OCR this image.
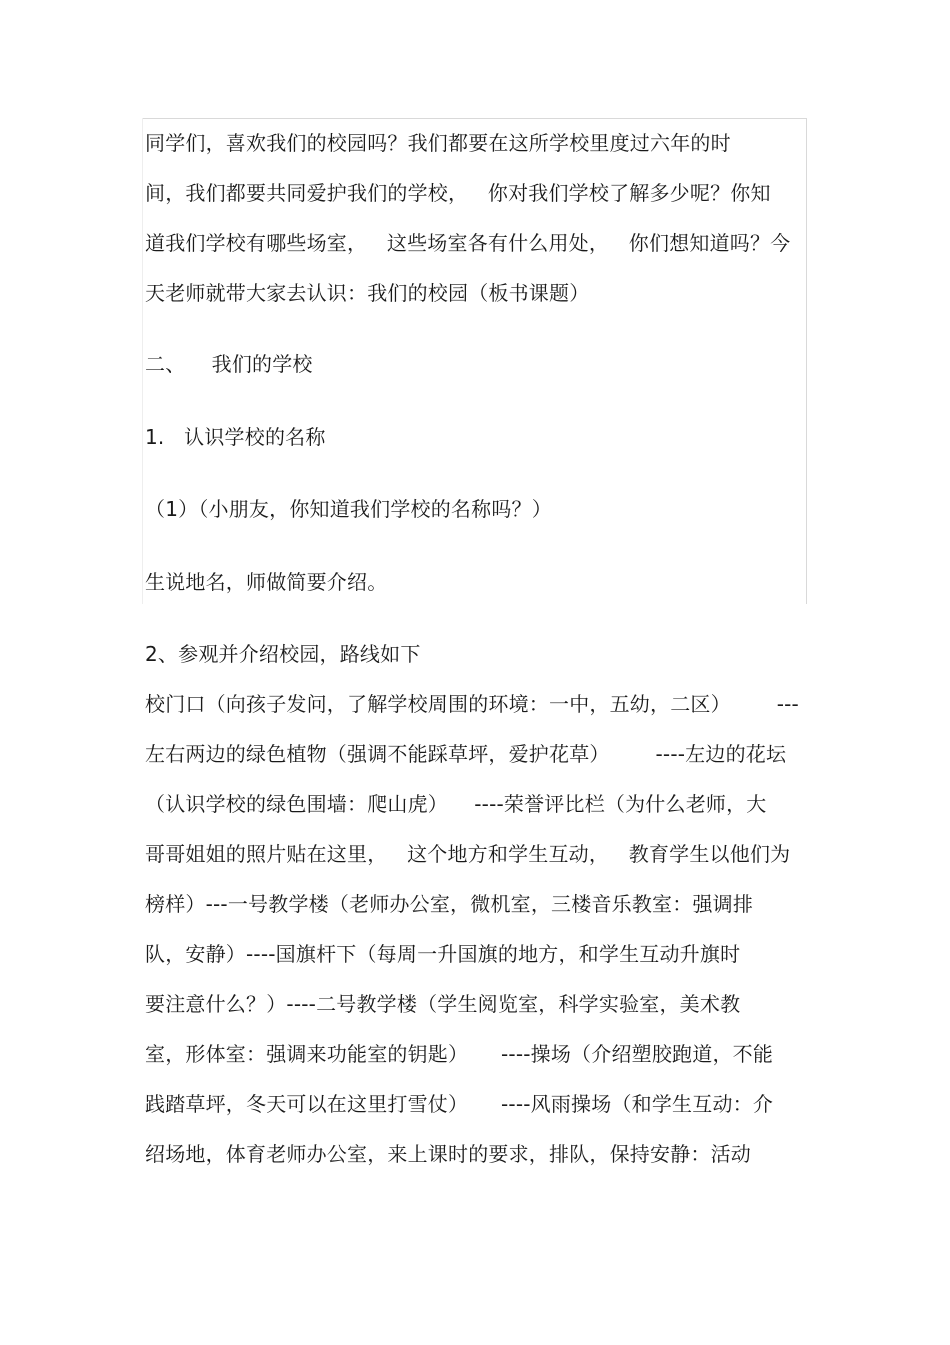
同学们，喜欢我们的校园吗？我们都要在这所学校里度过六年的时
间，我们都要共同爱护我们的学校，   你对我们学校了解多少呢？你知
道我们学校有哪些场室，   这些场室各有什么用处，   你们想知道吗？今
天老师就带大家去认识：我们的校园（板书课题）
二、    我们的学校
1.   认识学校的名称
（1）（小朋友，你知道我们学校的名称吗？）
生说地名，师做简要介绍。
2、参观并介绍校园，路线如下
校门口（向孩子发问，了解学校周围的环境：一中，五幼，二区）       ---
左右两边的绿色植物（强调不能踩草坪，爱护花草）       ----左边的花坛
（认识学校的绿色围墙：爬山虎）    ----荣誉评比栏（为什么老师，大
哥哥姐姐的照片贴在这里，   这个地方和学生互动，   教育学生以他们为
榜样）---一号教学楼（老师办公室，微机室，三楼音乐教室：强调排
队，安静）----国旗杆下（每周一升国旗的地方，和学生互动升旗时
要注意什么？）----二号教学楼（学生阅览室，科学实验室，美术教
室，形体室：强调来功能室的钥匙）     ----操场（介绍塑胶跑道，不能
践踏草坪，冬天可以在这里打雪仗）     ----风雨操场（和学生互动：介
绍场地，体育老师办公室，来上课时的要求，排队，保持安静：活动
